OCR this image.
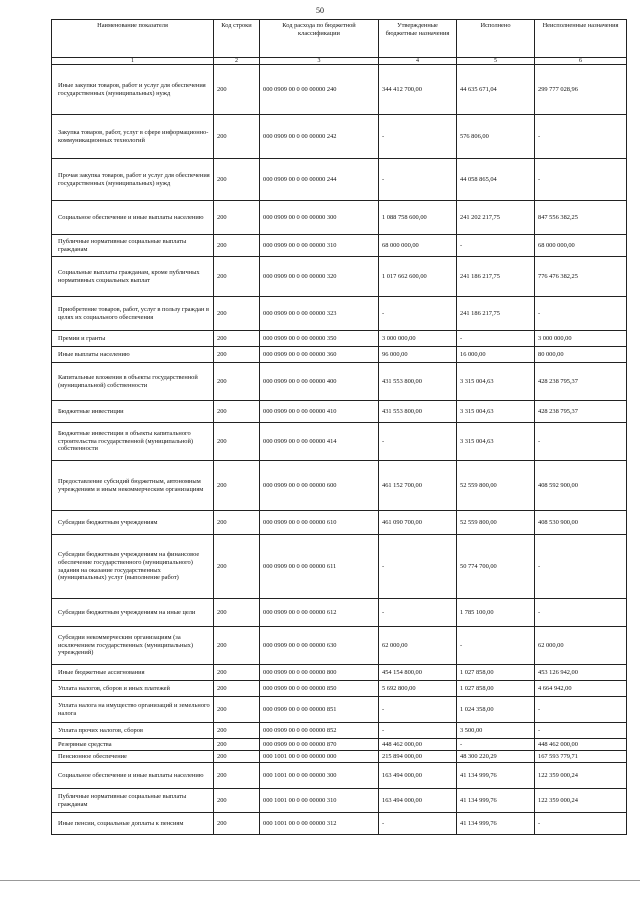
50
Наименование показателя	Код строки	Код расхода по бюджетной классификации	Утвержденные бюджетные назначения	Исполнено	Неисполненные назначения
1	2	3	4	5	6
Иные закупки товаров, работ и услуг для обеспечения государственных (муниципальных) нужд	200	000 0909 00 0 00 00000 240	344 412 700,00	44 635 671,04	299 777 028,96
Закупка товаров, работ, услуг в сфере информационно-коммуникационных технологий	200	000 0909 00 0 00 00000 242	-	576 806,00	-
Прочая закупка товаров, работ и услуг для обеспечения государственных (муниципальных) нужд	200	000 0909 00 0 00 00000 244	-	44 058 865,04	-
Социальное обеспечение и иные выплаты населению	200	000 0909 00 0 00 00000 300	1 088 758 600,00	241 202 217,75	847 556 382,25
Публичные нормативные социальные выплаты гражданам	200	000 0909 00 0 00 00000 310	68 000 000,00	-	68 000 000,00
Социальные выплаты гражданам, кроме публичных нормативных социальных выплат	200	000 0909 00 0 00 00000 320	1 017 662 600,00	241 186 217,75	776 476 382,25
Приобретение товаров, работ, услуг в пользу граждан в целях их социального обеспечения	200	000 0909 00 0 00 00000 323	-	241 186 217,75	-
Премии и гранты	200	000 0909 00 0 00 00000 350	3 000 000,00	-	3 000 000,00
Иные выплаты населению	200	000 0909 00 0 00 00000 360	96 000,00	16 000,00	80 000,00
Капитальные вложения в объекты государственной (муниципальной) собственности	200	000 0909 00 0 00 00000 400	431 553 800,00	3 315 004,63	428 238 795,37
Бюджетные инвестиции	200	000 0909 00 0 00 00000 410	431 553 800,00	3 315 004,63	428 238 795,37
Бюджетные инвестиции в объекты капитального строительства государственной (муниципальной) собственности	200	000 0909 00 0 00 00000 414	-	3 315 004,63	-
Предоставление субсидий бюджетным, автономным учреждениям и иным некоммерческим организациям	200	000 0909 00 0 00 00000 600	461 152 700,00	52 559 800,00	408 592 900,00
Субсидии бюджетным учреждениям	200	000 0909 00 0 00 00000 610	461 090 700,00	52 559 800,00	408 530 900,00
Субсидии бюджетным учреждениям на финансовое обеспечение государственного (муниципального) задания на оказание государственных (муниципальных) услуг (выполнение работ)	200	000 0909 00 0 00 00000 611	-	50 774 700,00	-
Субсидии бюджетным учреждениям на иные цели	200	000 0909 00 0 00 00000 612	-	1 785 100,00	-
Субсидии некоммерческим организациям (за исключением государственных (муниципальных) учреждений)	200	000 0909 00 0 00 00000 630	62 000,00	-	62 000,00
Иные бюджетные ассигнования	200	000 0909 00 0 00 00000 800	454 154 800,00	1 027 858,00	453 126 942,00
Уплата налогов, сборов и иных платежей	200	000 0909 00 0 00 00000 850	5 692 800,00	1 027 858,00	4 664 942,00
Уплата налога на имущество организаций и земельного налога	200	000 0909 00 0 00 00000 851	-	1 024 358,00	-
Уплата прочих налогов, сборов	200	000 0909 00 0 00 00000 852	-	3 500,00	-
Резервные средства	200	000 0909 00 0 00 00000 870	448 462 000,00	-	448 462 000,00
Пенсионное обеспечение	200	000 1001 00 0 00 00000 000	215 894 000,00	48 300 220,29	167 593 779,71
Социальное обеспечение и иные выплаты населению	200	000 1001 00 0 00 00000 300	163 494 000,00	41 134 999,76	122 359 000,24
Публичные нормативные социальные выплаты гражданам	200	000 1001 00 0 00 00000 310	163 494 000,00	41 134 999,76	122 359 000,24
Иные пенсии, социальные доплаты к пенсиям	200	000 1001 00 0 00 00000 312	-	41 134 999,76	-
